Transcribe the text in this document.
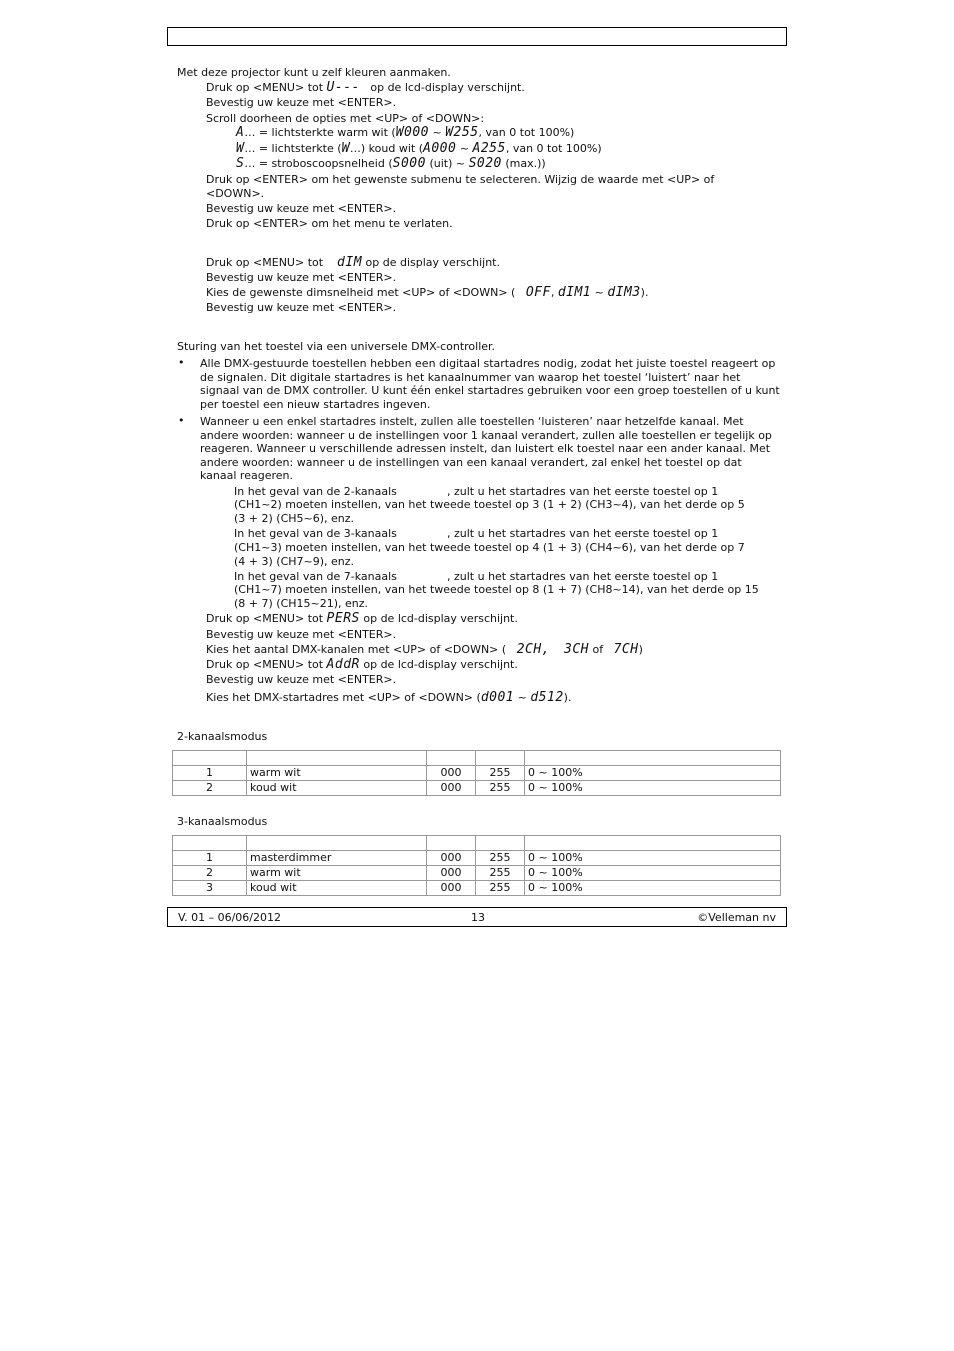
Met deze projector kunt u zelf kleuren aanmaken.
Druk op <MENU> tot U--- op de lcd-display verschijnt.
Bevestig uw keuze met <ENTER>.
Scroll doorheen de opties met <UP> of <DOWN>:
A… = lichtsterkte warm wit (W000 ~ W255, van 0 tot 100%)
W… = lichtsterkte (W…) koud wit (A000 ~ A255, van 0 tot 100%)
S… = stroboscoopsnelheid (S000 (uit) ~ S020 (max.))
Druk op <ENTER> om het gewenste submenu te selecteren. Wijzig de waarde met <UP> of
<DOWN>.
Bevestig uw keuze met <ENTER>.
Druk op <ENTER> om het menu te verlaten.
Druk op <MENU> tot dIM op de display verschijnt.
Bevestig uw keuze met <ENTER>.
Kies de gewenste dimsnelheid met <UP> of <DOWN> ( OFF, dIM1 ~ dIM3).
Bevestig uw keuze met <ENTER>.
Sturing van het toestel via een universele DMX-controller.
• Alle DMX-gestuurde toestellen hebben een digitaal startadres nodig, zodat het juiste toestel reageert op de signalen. Dit digitale startadres is het kanaalnummer van waarop het toestel ‘luistert’ naar het signaal van de DMX controller. U kunt één enkel startadres gebruiken voor een groep toestellen of u kunt per toestel een nieuw startadres ingeven.
• Wanneer u een enkel startadres instelt, zullen alle toestellen ‘luisteren’ naar hetzelfde kanaal. Met andere woorden: wanneer u de instellingen voor 1 kanaal verandert, zullen alle toestellen er tegelijk op reageren. Wanneer u verschillende adressen instelt, dan luistert elk toestel naar een ander kanaal. Met andere woorden: wanneer u de instellingen van een kanaal verandert, zal enkel het toestel op dat kanaal reageren.
In het geval van de 2-kanaals	, zult u het startadres van het eerste toestel op 1
(CH1~2) moeten instellen, van het tweede toestel op 3 (1 + 2) (CH3~4), van het derde op 5
(3 + 2) (CH5~6), enz.
In het geval van de 3-kanaals	, zult u het startadres van het eerste toestel op 1
(CH1~3) moeten instellen, van het tweede toestel op 4 (1 + 3) (CH4~6), van het derde op 7
(4 + 3) (CH7~9), enz.
In het geval van de 7-kanaals	, zult u het startadres van het eerste toestel op 1
(CH1~7) moeten instellen, van het tweede toestel op 8 (1 + 7) (CH8~14), van het derde op 15
(8 + 7) (CH15~21), enz.
Druk op <MENU> tot PERS op de lcd-display verschijnt.
Bevestig uw keuze met <ENTER>.
Kies het aantal DMX-kanalen met <UP> of <DOWN> ( 2CH, 3CH of 7CH)
Druk op <MENU> tot AddR op de lcd-display verschijnt.
Bevestig uw keuze met <ENTER>.
Kies het DMX-startadres met <UP> of <DOWN> (d001 ~ d512).
2-kanaalsmodus

1	warm wit	000	255	0 ~ 100%
2	koud wit	000	255	0 ~ 100%
3-kanaalsmodus

1	masterdimmer	000	255	0 ~ 100%
2	warm wit	000	255	0 ~ 100%
3	koud wit	000	255	0 ~ 100%
V. 01 – 06/06/2012	13	©Velleman nv
